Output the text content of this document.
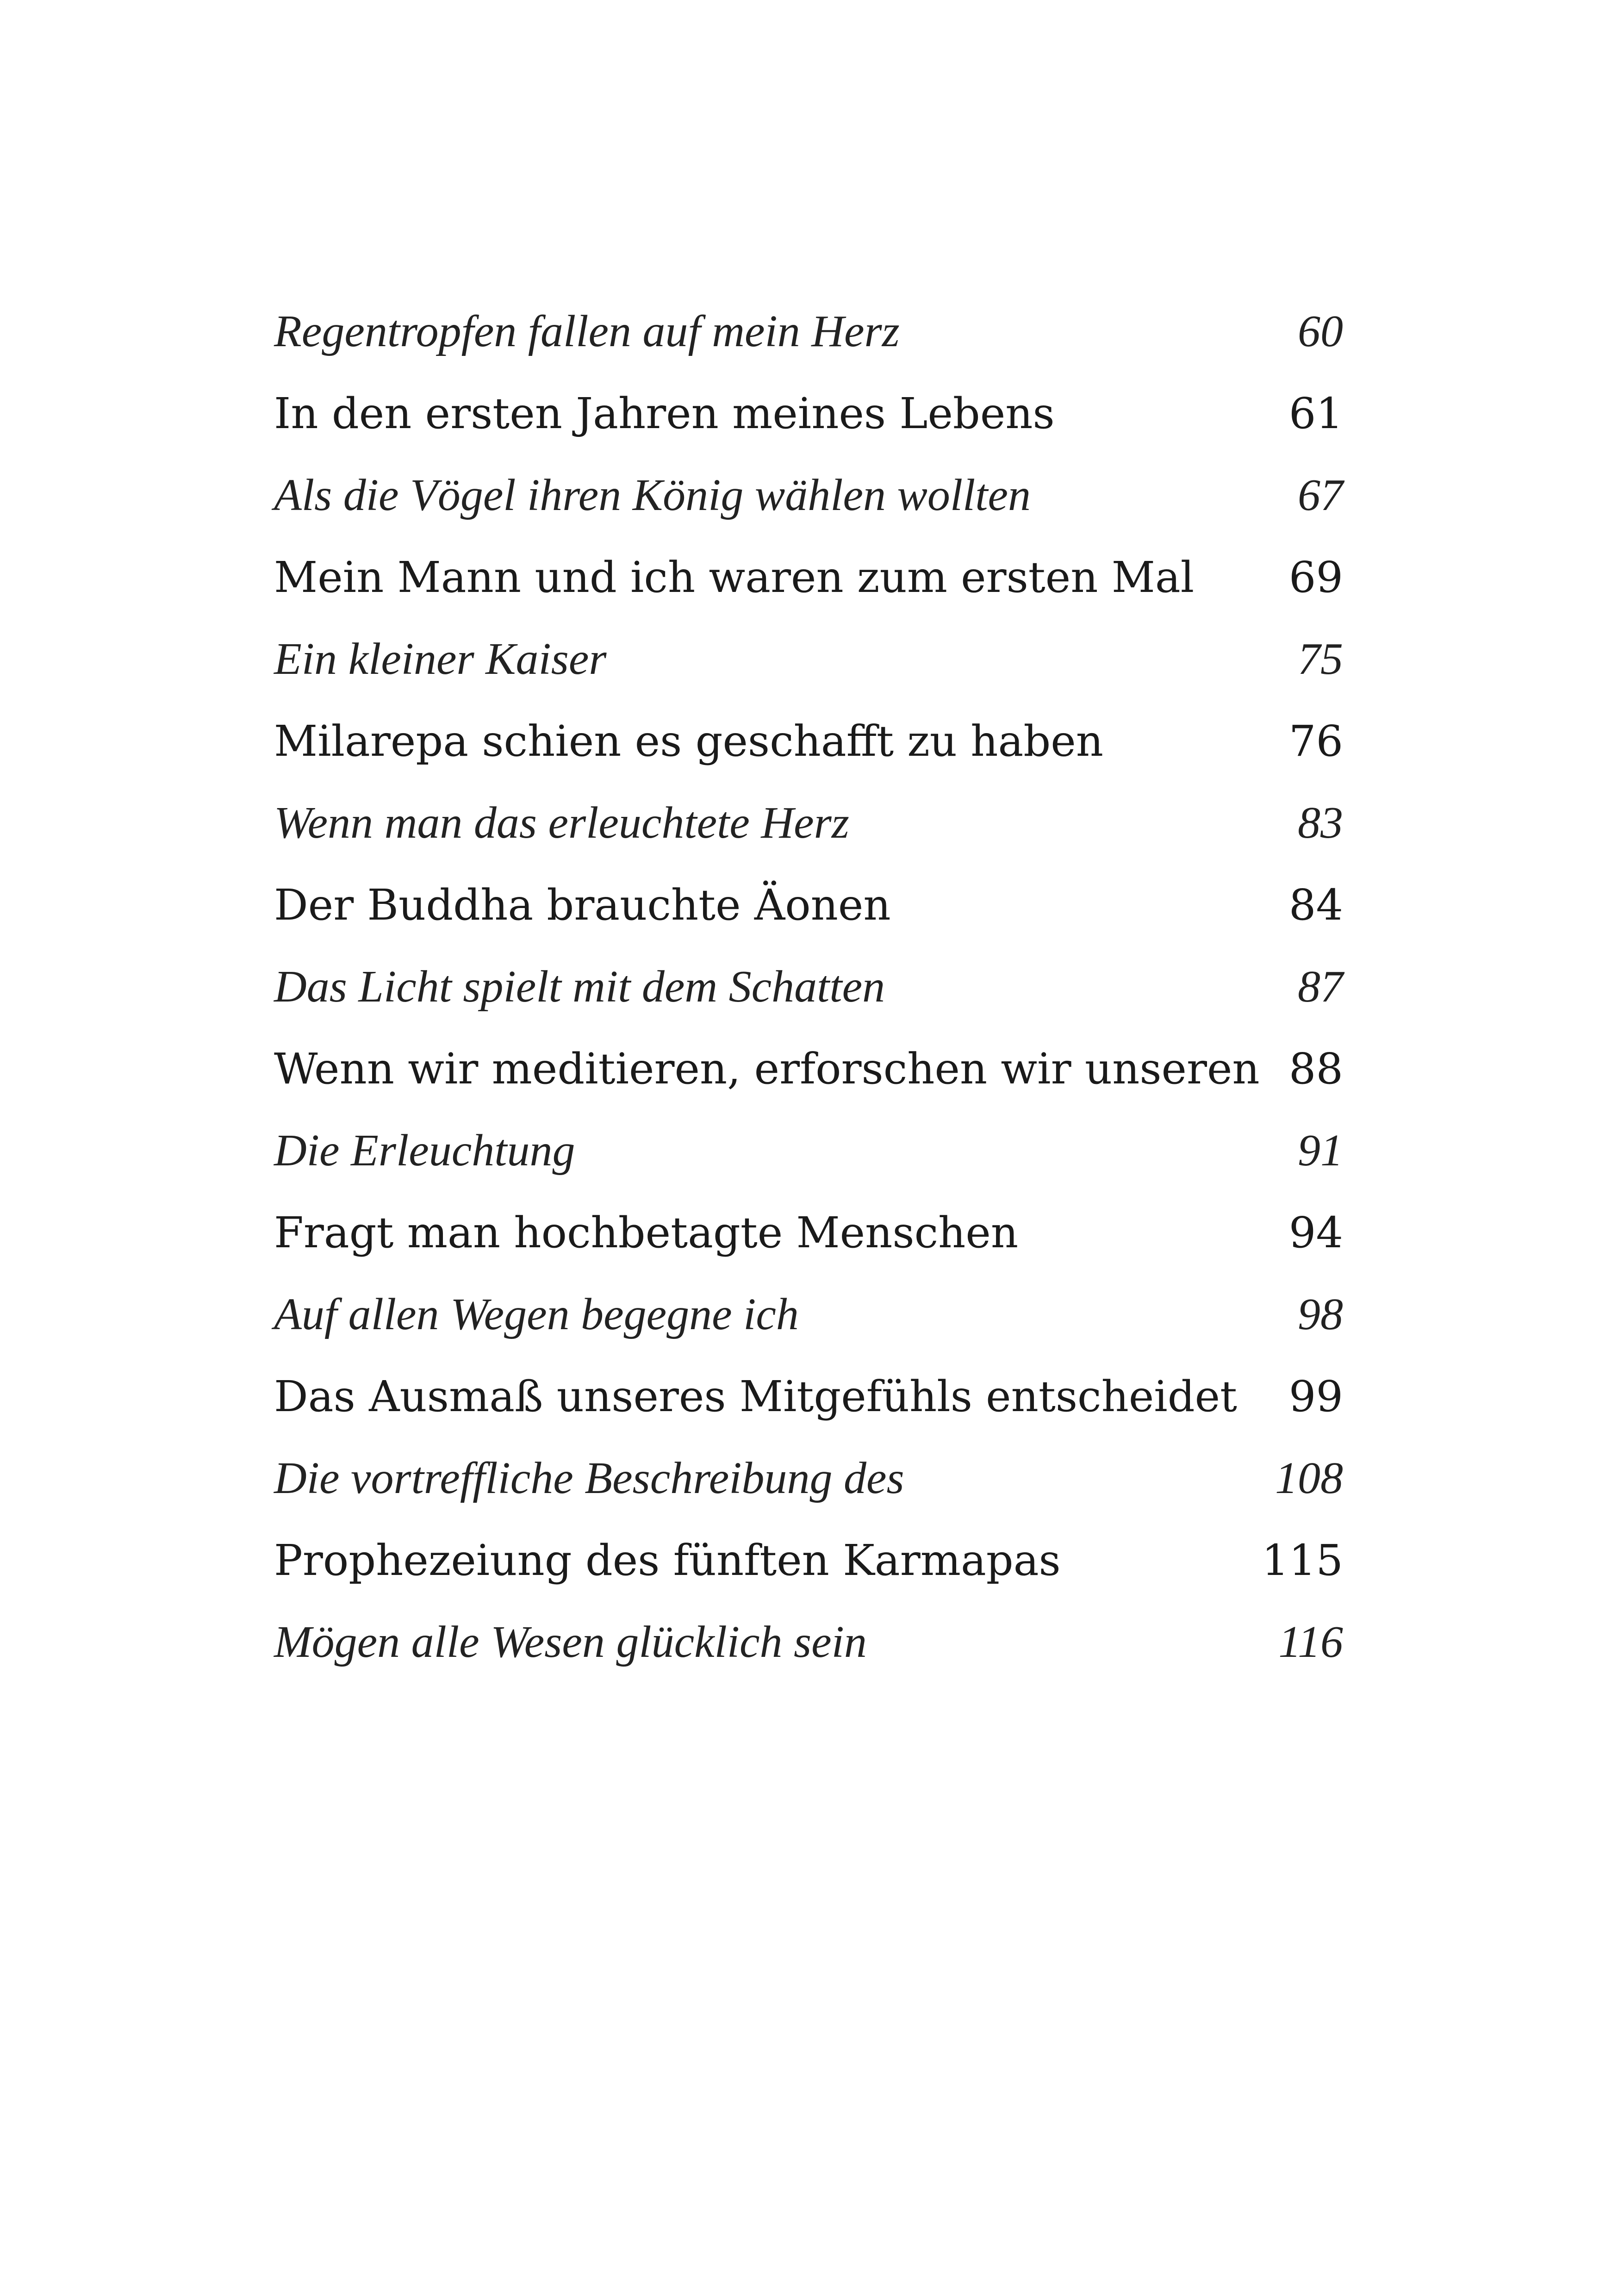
Regentropfen fallen auf mein Herz	60
In den ersten Jahren meines Lebens	61
Als die Vögel ihren König wählen wollten	67
Mein Mann und ich waren zum ersten Mal 69
Ein kleiner Kaiser	75
Milarepa schien es geschafft zu haben	76
Wenn man das erleuchtete Herz	83
Der Buddha brauchte Äonen	84
Das Licht spielt mit dem Schatten	87
Wenn wir meditieren, erforschen wir unseren 88
Die Erleuchtung	91
Fragt man hochbetagte Menschen	94
Auf allen Wegen begegne ich	98
Das Ausmaß unseres Mitgefühls entscheidet 99
Die vortreffliche Beschreibung des	108
Prophezeiung des fünften Karmapas	115
Mögen alle Wesen glücklich sein	116
